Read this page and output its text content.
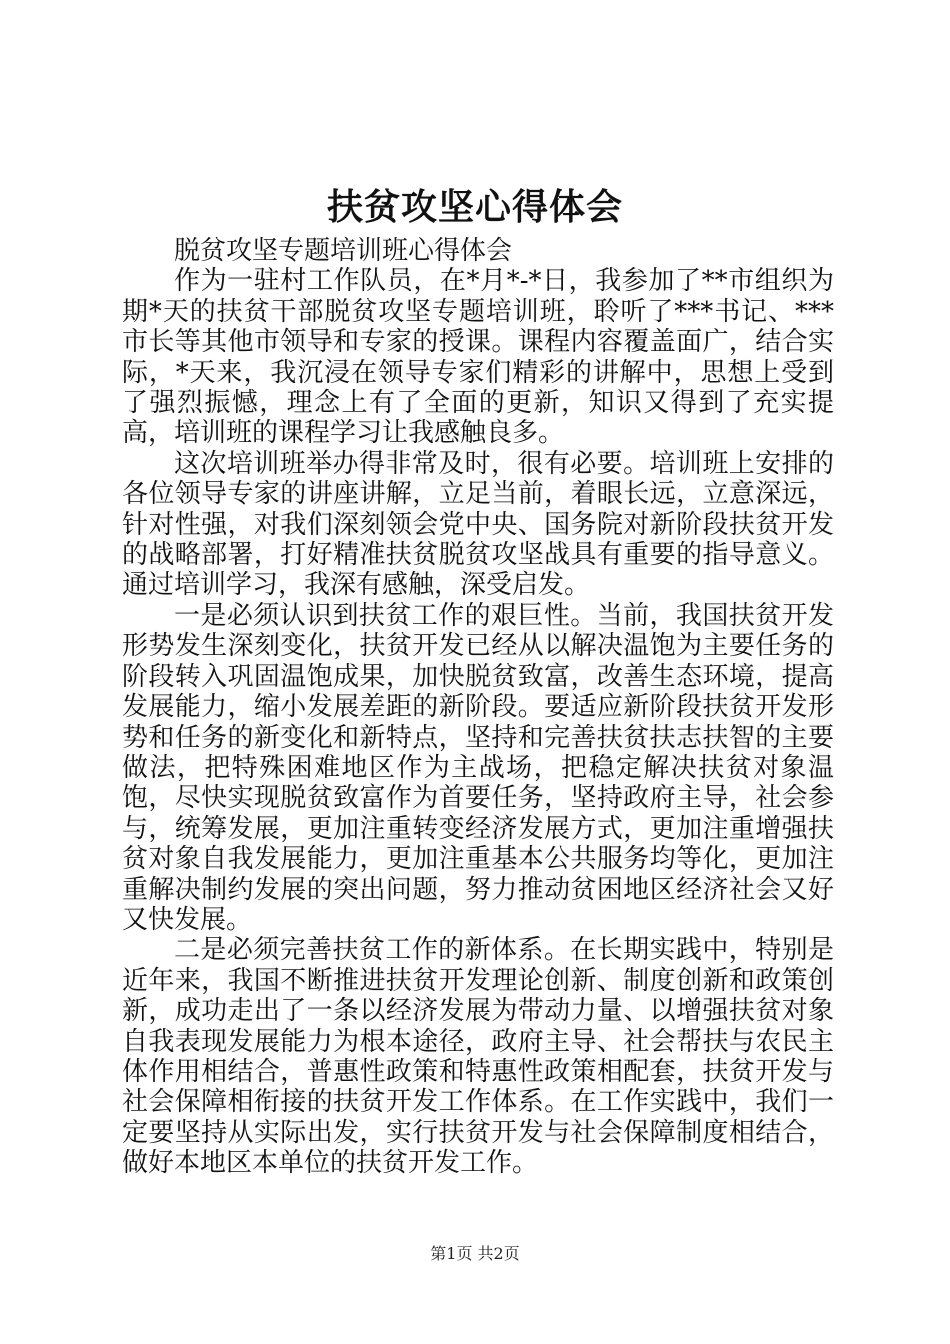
扶贫攻坚心得体会

脱贫攻坚专题培训班心得体会

作为一驻村工作队员，在*月*-*日，我参加了**市组织为期*天的扶贫干部脱贫攻坚专题培训班，聆听了***书记、***市长等其他市领导和专家的授课。课程内容覆盖面广，结合实际，*天来，我沉浸在领导专家们精彩的讲解中，思想上受到了强烈振憾，理念上有了全面的更新，知识又得到了充实提高，培训班的课程学习让我感触良多。

这次培训班举办得非常及时，很有必要。培训班上安排的各位领导专家的讲座讲解，立足当前，着眼长远，立意深远，针对性强，对我们深刻领会党中央、国务院对新阶段扶贫开发的战略部署，打好精准扶贫脱贫攻坚战具有重要的指导意义。通过培训学习，我深有感触，深受启发。

一是必须认识到扶贫工作的艰巨性。当前，我国扶贫开发形势发生深刻变化，扶贫开发已经从以解决温饱为主要任务的阶段转入巩固温饱成果，加快脱贫致富，改善生态环境，提高发展能力，缩小发展差距的新阶段。要适应新阶段扶贫开发形势和任务的新变化和新特点，坚持和完善扶贫扶志扶智的主要做法，把特殊困难地区作为主战场，把稳定解决扶贫对象温饱，尽快实现脱贫致富作为首要任务，坚持政府主导，社会参与，统筹发展，更加注重转变经济发展方式，更加注重增强扶贫对象自我发展能力，更加注重基本公共服务均等化，更加注重解决制约发展的突出问题，努力推动贫困地区经济社会又好又快发展。

二是必须完善扶贫工作的新体系。在长期实践中，特别是近年来，我国不断推进扶贫开发理论创新、制度创新和政策创新，成功走出了一条以经济发展为带动力量、以增强扶贫对象自我表现发展能力为根本途径，政府主导、社会帮扶与农民主体作用相结合，普惠性政策和特惠性政策相配套，扶贫开发与社会保障相衔接的扶贫开发工作体系。在工作实践中，我们一定要坚持从实际出发，实行扶贫开发与社会保障制度相结合，做好本地区本单位的扶贫开发工作。

第1页 共2页
